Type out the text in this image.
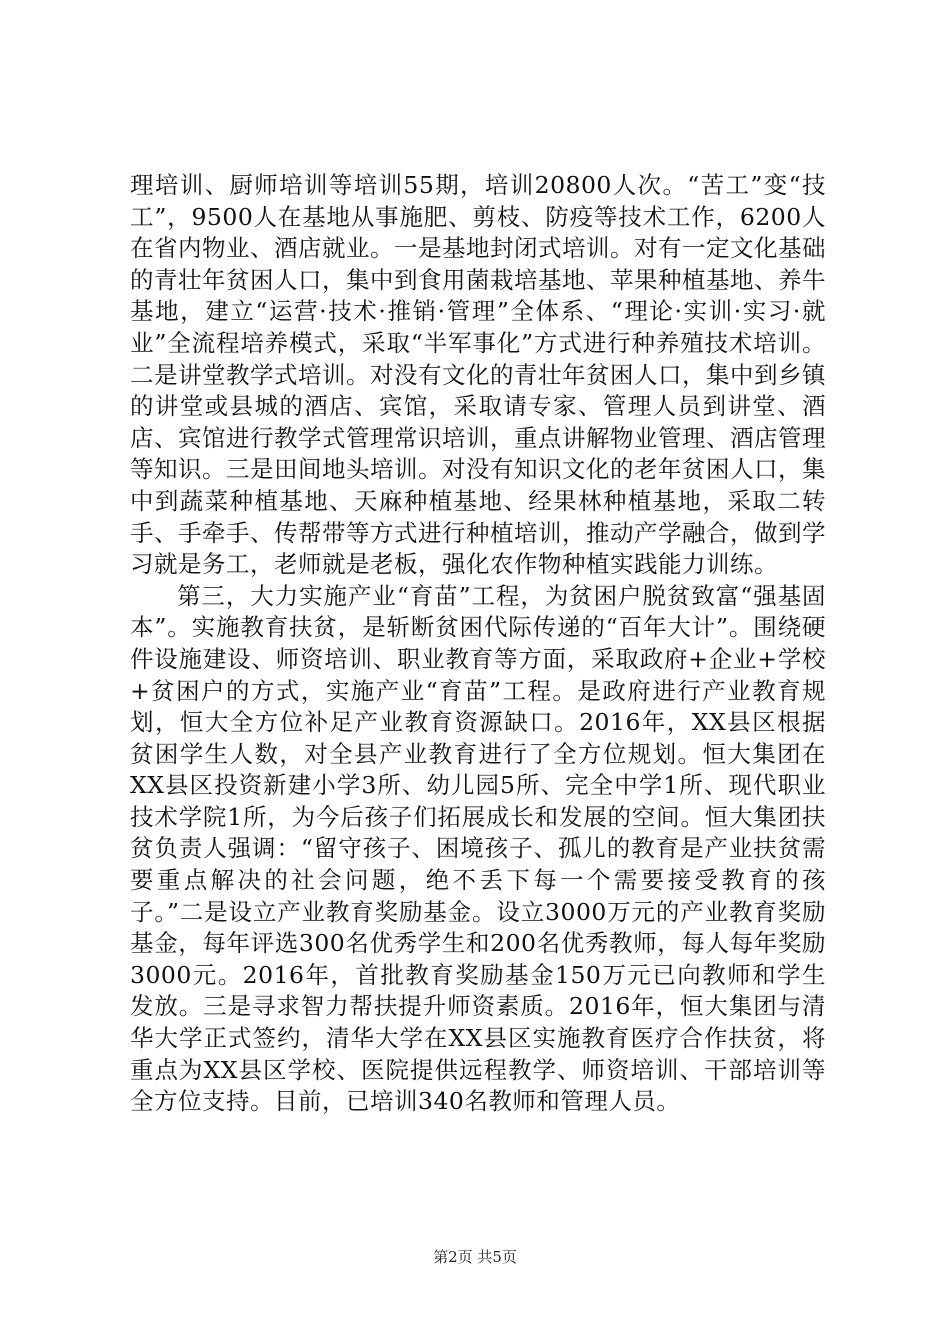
理培训、厨师培训等培训55期，培训20800人次。“苦工”变“技工”，9500人在基地从事施肥、剪枝、防疫等技术工作，6200人在省内物业、酒店就业。一是基地封闭式培训。对有一定文化基础的青壮年贫困人口，集中到食用菌栽培基地、苹果种植基地、养牛基地，建立“运营·技术·推销·管理”全体系、“理论·实训·实习·就业”全流程培养模式，采取“半军事化”方式进行种养殖技术培训。二是讲堂教学式培训。对没有文化的青壮年贫困人口，集中到乡镇的讲堂或县城的酒店、宾馆，采取请专家、管理人员到讲堂、酒店、宾馆进行教学式管理常识培训，重点讲解物业管理、酒店管理等知识。三是田间地头培训。对没有知识文化的老年贫困人口，集中到蔬菜种植基地、天麻种植基地、经果林种植基地，采取二转手、手牵手、传帮带等方式进行种植培训，推动产学融合，做到学习就是务工，老师就是老板，强化农作物种植实践能力训练。

第三，大力实施产业“育苗”工程，为贫困户脱贫致富“强基固本”。实施教育扶贫，是斩断贫困代际传递的“百年大计”。围绕硬件设施建设、师资培训、职业教育等方面，采取政府+企业+学校+贫困户的方式，实施产业“育苗”工程。是政府进行产业教育规划，恒大全方位补足产业教育资源缺口。2016年，XX县区根据贫困学生人数，对全县产业教育进行了全方位规划。恒大集团在XX县区投资新建小学3所、幼儿园5所、完全中学1所、现代职业技术学院1所，为今后孩子们拓展成长和发展的空间。恒大集团扶贫负责人强调：“留守孩子、困境孩子、孤儿的教育是产业扶贫需要重点解决的社会问题，绝不丢下每一个需要接受教育的孩子。”二是设立产业教育奖励基金。设立3000万元的产业教育奖励基金，每年评选300名优秀学生和200名优秀教师，每人每年奖励3000元。2016年，首批教育奖励基金150万元已向教师和学生发放。三是寻求智力帮扶提升师资素质。2016年，恒大集团与清华大学正式签约，清华大学在XX县区实施教育医疗合作扶贫，将重点为XX县区学校、医院提供远程教学、师资培训、干部培训等全方位支持。目前，已培训340名教师和管理人员。

第2页 共5页
